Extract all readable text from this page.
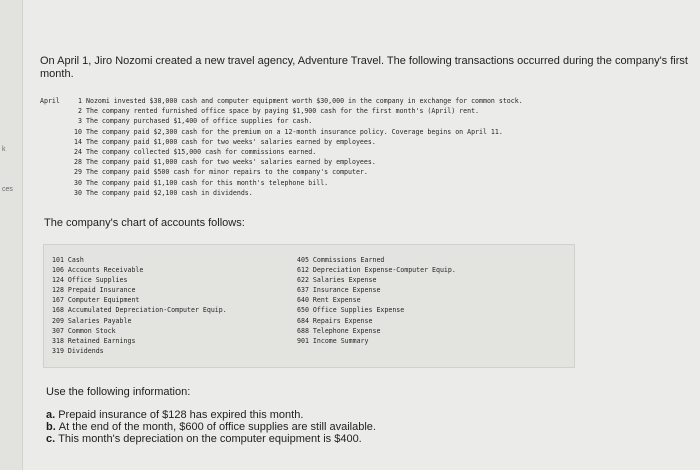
k
ces
On April 1, Jiro Nozomi created a new travel agency, Adventure Travel. The following transactions occurred during the company's first month.
April	1 Nozomi invested $38,000 cash and computer equipment worth $30,000 in the company in exchange for common stock.
2 The company rented furnished office space by paying $1,900 cash for the first month's (April) rent.
3 The company purchased $1,400 of office supplies for cash.
10 The company paid $2,300 cash for the premium on a 12-month insurance policy. Coverage begins on April 11.
14 The company paid $1,000 cash for two weeks' salaries earned by employees.
24 The company collected $15,000 cash for commissions earned.
28 The company paid $1,000 cash for two weeks' salaries earned by employees.
29 The company paid $500 cash for minor repairs to the company's computer.
30 The company paid $1,100 cash for this month's telephone bill.
30 The company paid $2,100 cash in dividends.
The company's chart of accounts follows:
101 Cash
106 Accounts Receivable
124 Office Supplies
128 Prepaid Insurance
167 Computer Equipment
168 Accumulated Depreciation-Computer Equip.
209 Salaries Payable
307 Common Stock
318 Retained Earnings
319 Dividends
405 Commissions Earned
612 Depreciation Expense-Computer Equip.
622 Salaries Expense
637 Insurance Expense
640 Rent Expense
650 Office Supplies Expense
684 Repairs Expense
688 Telephone Expense
901 Income Summary
Use the following information:
a. Prepaid insurance of $128 has expired this month.
b. At the end of the month, $600 of office supplies are still available.
c. This month's depreciation on the computer equipment is $400.
